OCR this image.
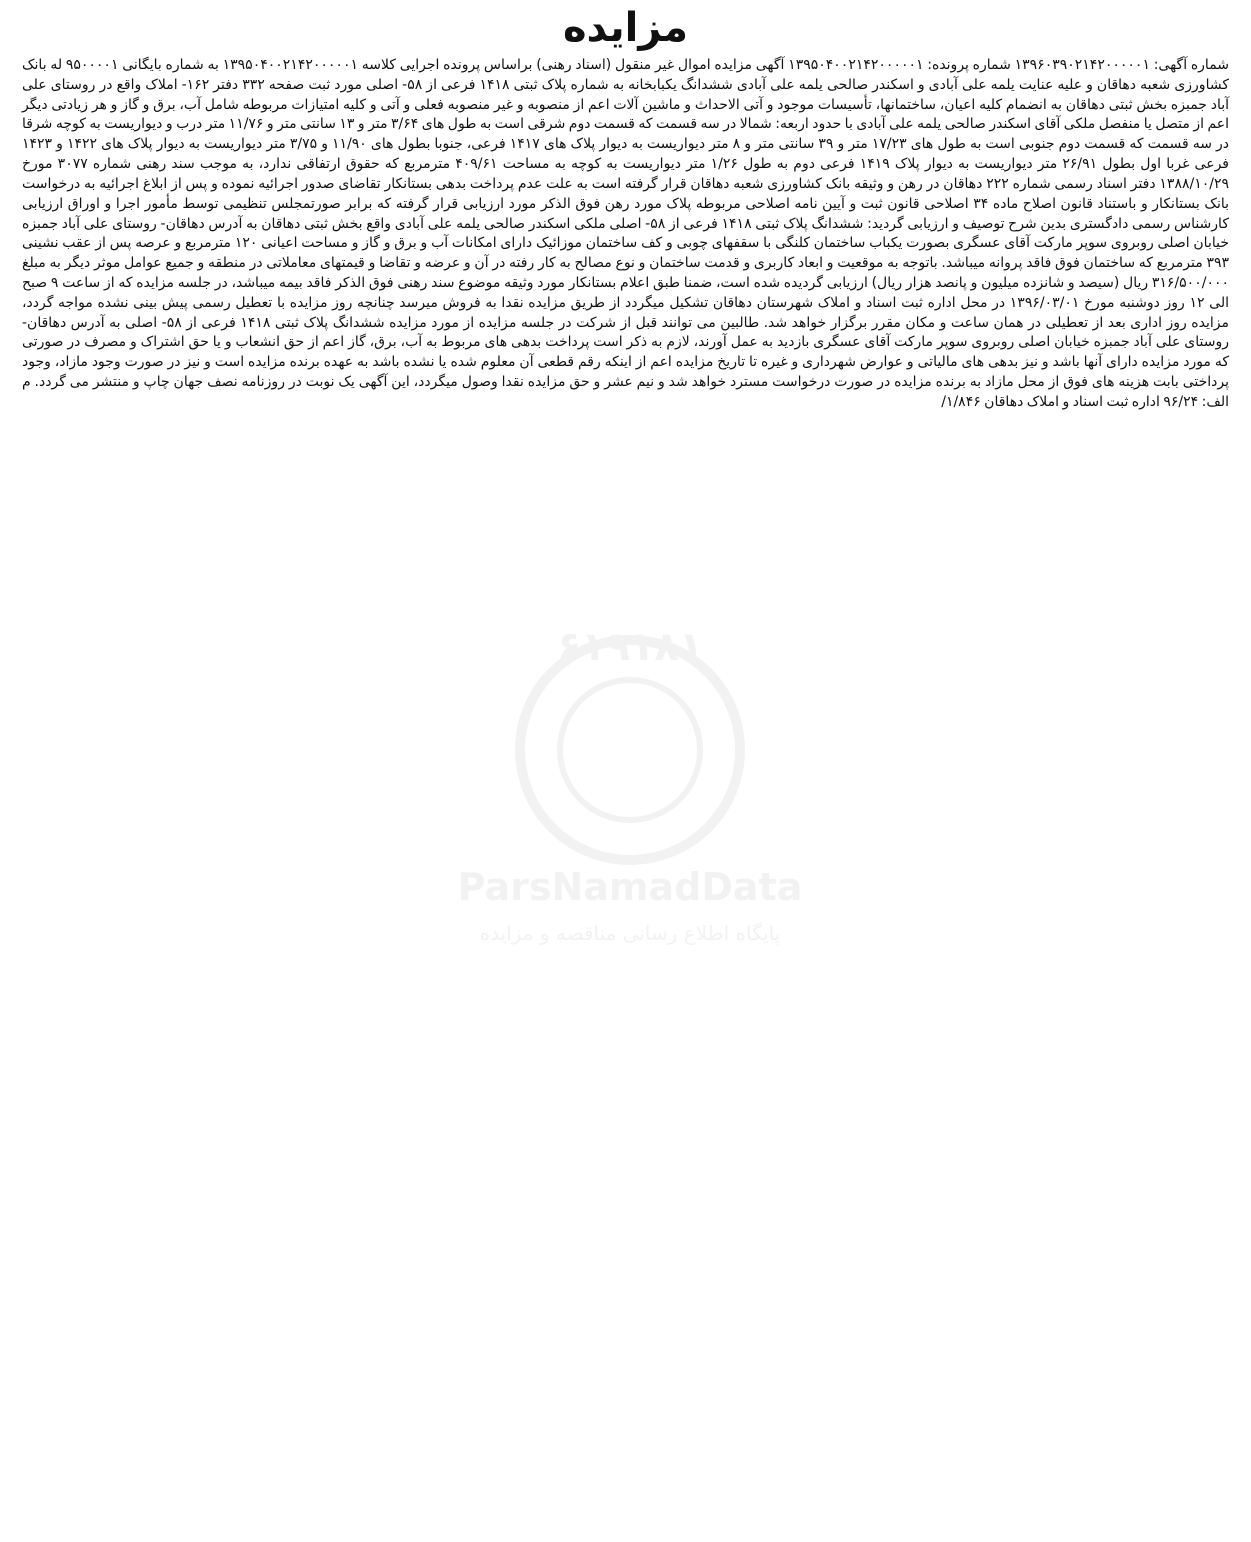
مزایده

شماره آگهی: ۱۳۹۶۰۳۹۰۲۱۴۲۰۰۰۰۰۱ شماره پرونده: ۱۳۹۵۰۴۰۰۲۱۴۲۰۰۰۰۰۱ آگهی مزایده اموال غیر منقول (اسناد رهنی) براساس پرونده اجرایی کلاسه ۱۳۹۵۰۴۰۰۲۱۴۲۰۰۰۰۰۱ به شماره بایگانی ۹۵۰۰۰۰۱ له بانک کشاورزی شعبه دهاقان و علیه عنایت یلمه علی آبادی و اسکندر صالحی یلمه علی آبادی ششدانگ یکبابخانه به شماره پلاک ثبتی ۱۴۱۸ فرعی از ۵۸- اصلی مورد ثبت صفحه ۳۳۲ دفتر ۱۶۲- املاک واقع در روستای علی آباد جمبزه بخش ثبتی دهاقان به انضمام کلیه اعیان، ساختمانها، تأسیسات موجود و آتی الاحداث و ماشین آلات اعم از منصوبه و غیر منصوبه فعلی و آتی و کلیه امتیازات مربوطه شامل آب، برق و گاز و هر زیادتی دیگر اعم از متصل یا منفصل ملکی آقای اسکندر صالحی یلمه علی آبادی با حدود اربعه: شمالا در سه قسمت که قسمت دوم شرقی است به طول های ۳/۶۴ متر و ۱۳ سانتی متر و ۱۱/۷۶ متر درب و دیواریست به کوچه شرقا در سه قسمت که قسمت دوم جنوبی است به طول های ۱۷/۲۳ متر و ۳۹ سانتی متر و ۸ متر دیواریست به دیوار پلاک های ۱۴۱۷ فرعی، جنوبا بطول های ۱۱/۹۰ و ۳/۷۵ متر دیواریست به دیوار پلاک های ۱۴۲۲ و ۱۴۲۳ فرعی غربا اول بطول ۲۶/۹۱ متر دیواریست به دیوار پلاک ۱۴۱۹ فرعی دوم به طول ۱/۲۶ متر دیواریست به کوچه به مساحت ۴۰۹/۶۱ مترمربع که حقوق ارتفاقی ندارد، به موجب سند رهنی شماره ۳۰۷۷ مورخ ۱۳۸۸/۱۰/۲۹ دفتر اسناد رسمی شماره ۲۲۲ دهاقان در رهن و وثیقه بانک کشاورزی شعبه دهاقان قرار گرفته است به علت عدم پرداخت بدهی بستانکار تقاضای صدور اجرائیه نموده و پس از ابلاغ اجرائیه به درخواست بانک بستانکار و باستناد قانون اصلاح ماده ۳۴ اصلاحی قانون ثبت و آیین نامه اصلاحی مربوطه پلاک مورد رهن فوق الذکر مورد ارزیابی قرار گرفته که برابر صورتمجلس تنظیمی توسط مأمور اجرا و اوراق ارزیابی کارشناس رسمی دادگستری بدین شرح توصیف و ارزیابی گردید: ششدانگ پلاک ثبتی ۱۴۱۸ فرعی از ۵۸- اصلی ملکی اسکندر صالحی یلمه علی آبادی واقع بخش ثبتی دهاقان به آدرس دهاقان- روستای علی آباد جمبزه خیابان اصلی روبروی سوپر مارکت آقای عسگری بصورت یکباب ساختمان کلنگی با سقفهای چوبی و کف ساختمان موزائیک دارای امکانات آب و برق و گاز و مساحت اعیانی ۱۲۰ مترمربع و عرصه پس از عقب نشینی ۳۹۳ مترمربع که ساختمان فوق فاقد پروانه میباشد. باتوجه به موقعیت و ابعاد کاربری و قدمت ساختمان و نوع مصالح به کار رفته در آن و عرضه و تقاضا و قیمتهای معاملاتی در منطقه و جمیع عوامل موثر دیگر به مبلغ ۳۱۶/۵۰۰/۰۰۰ ریال (سیصد و شانزده میلیون و پانصد هزار ریال) ارزیابی گردیده شده است، ضمنا طبق اعلام بستانکار مورد وثیقه موضوع سند رهنی فوق الذکر فاقد بیمه میباشد، در جلسه مزایده که از ساعت ۹ صبح الی ۱۲ روز دوشنبه مورخ ۱۳۹۶/۰۳/۰۱ در محل اداره ثبت اسناد و املاک شهرستان دهاقان تشکیل میگردد از طریق مزایده نقدا به فروش میرسد چنانچه روز مزایده با تعطیل رسمی پیش بینی نشده مواجه گردد، مزایده روز اداری بعد از تعطیلی در همان ساعت و مکان مقرر برگزار خواهد شد. طالبین می توانند قبل از شرکت در جلسه مزایده از مورد مزایده ششدانگ پلاک ثبتی ۱۴۱۸ فرعی از ۵۸- اصلی به آدرس دهاقان- روستای علی آباد جمبزه خیابان اصلی روبروی سوپر مارکت آقای عسگری بازدید به عمل آورند، لازم به ذکر است پرداخت بدهی های مربوط به آب، برق، گاز اعم از حق انشعاب و یا حق اشتراک و مصرف در صورتی که مورد مزایده دارای آنها باشد و نیز بدهی های مالیاتی و عوارض شهرداری و غیره تا تاریخ مزایده اعم از اینکه رقم قطعی آن معلوم شده یا نشده باشد به عهده برنده مزایده است و نیز در صورت وجود مازاد، وجود پرداختی بابت هزینه های فوق از محل مازاد به برنده مزایده در صورت درخواست مسترد خواهد شد و نیم عشر و حق مزایده نقدا وصول میگردد، این آگهی یک نوبت در روزنامه نصف جهان چاپ و منتشر می گردد. م الف: ۹۶/۲۴ اداره ثبت اسناد و املاک دهاقان ۱/۸۴۶/

۶۱۹۱۸۱
ParsNamadData
پایگاه اطلاع رسانی مناقصه و مزایده
